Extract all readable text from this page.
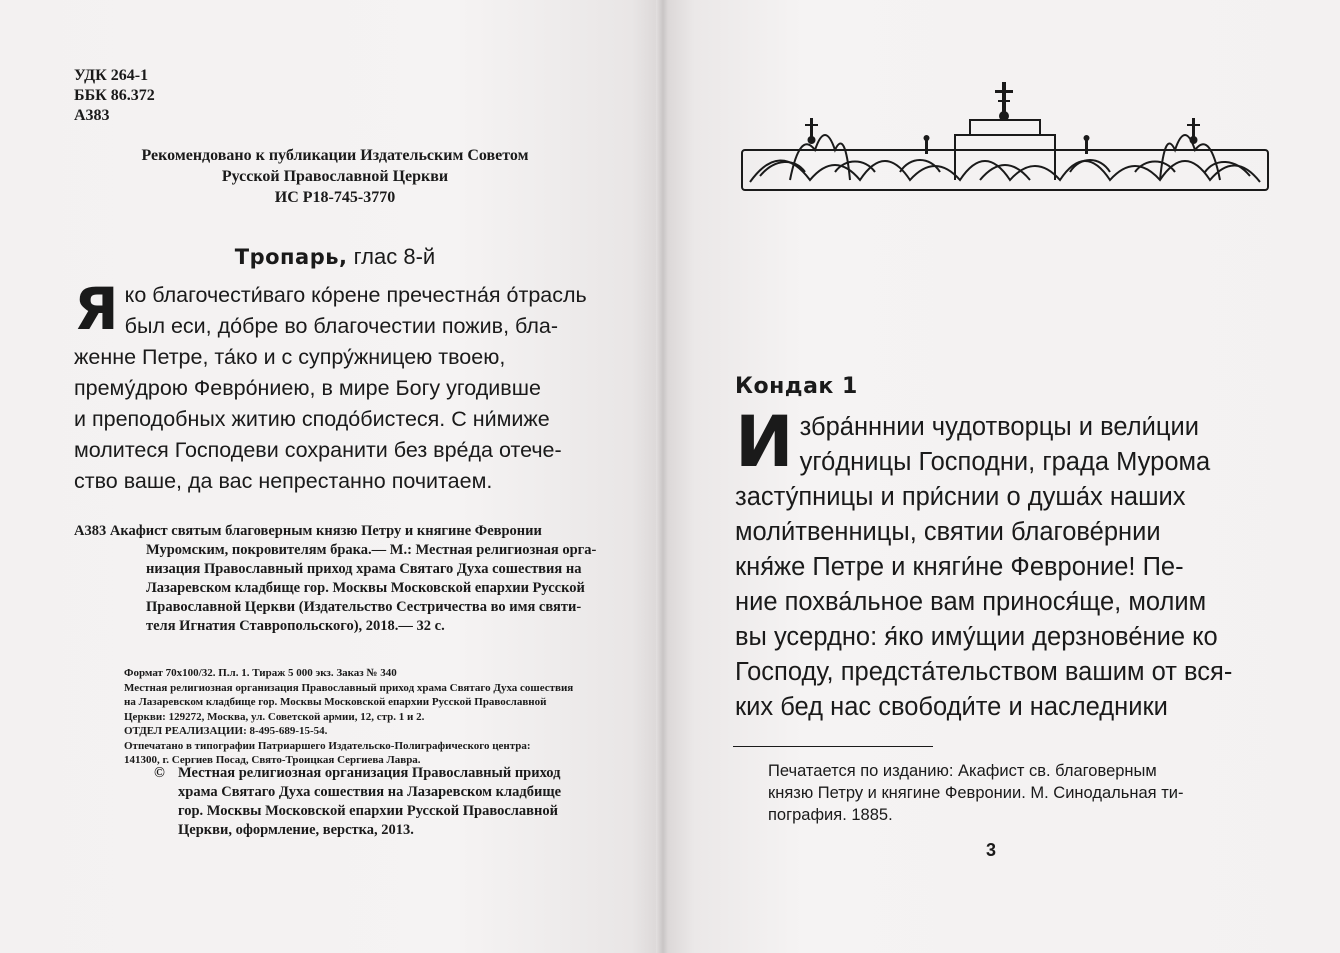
УДК 264-1
ББК 86.372
А383
Рекомендовано к публикации Издательским Советом
Русской Православной Церкви
ИС Р18-745-3770
Тропарь, глас 8-й
Я ко благочести́ваго ко́рене пречестна́я о́трасль
был еси, до́бре во благочестии пожив, бла-
женне Петре, та́ко и с супру́жницею твоею,
прему́дрою Февро́ниею, в мире Богу угодивше
и преподобных житию сподо́бистеся. С ни́мижe
молитеся Господеви сохранити без вре́да отече-
ство ваше, да вас непрестанно почитаем.
А383 Акафист святым благоверным князю Петру и княгине Февронии
Муромским, покровителям брака.— М.: Местная религиозная орга-
низация Православный приход храма Святаго Духа сошествия на
Лазаревском кладбище гор. Москвы Московской епархии Русской
Православной Церкви (Издательство Сестричества во имя святи-
теля Игнатия Ставропольского), 2018.— 32 с.
Формат 70x100/32. П.л. 1. Тираж 5 000 экз. Заказ № 340
Местная религиозная организация Православный приход храма Святаго Духа сошествия
на Лазаревском кладбище гор. Москвы Московской епархии Русской Православной
Церкви: 129272, Москва, ул. Советской армии, 12, стр. 1 и 2.
ОТДЕЛ РЕАЛИЗАЦИИ: 8-495-689-15-54.
Отпечатано в типографии Патриаршего Издательско-Полиграфического центра:
141300, г. Сергиев Посад, Свято-Троицкая Сергиева Лавра.
© Местная религиозная организация Православный приход
храма Святаго Духа сошествия на Лазаревском кладбище
гор. Москвы Московской епархии Русской Православной
Церкви, оформление, верстка, 2013.
Кондак 1
И збра́нннии чудотворцы и вели́ции
уго́дницы Господни, града Мурома
засту́пницы и при́снии о душа́х наших
моли́твенницы, святии благове́рнии
кня́же Петре и княги́не Февроние! Пе-
ние похва́льное вам принося́ще, молим
вы усердно: я́ко иму́щии дерзнове́ние ко
Господу, предста́тельством вашим от вся-
ких бед нас свободи́те и наследники
Печатается по изданию: Акафист св. благоверным
князю Петру и княгине Февронии. М. Синодальная ти-
пография. 1885.
3
